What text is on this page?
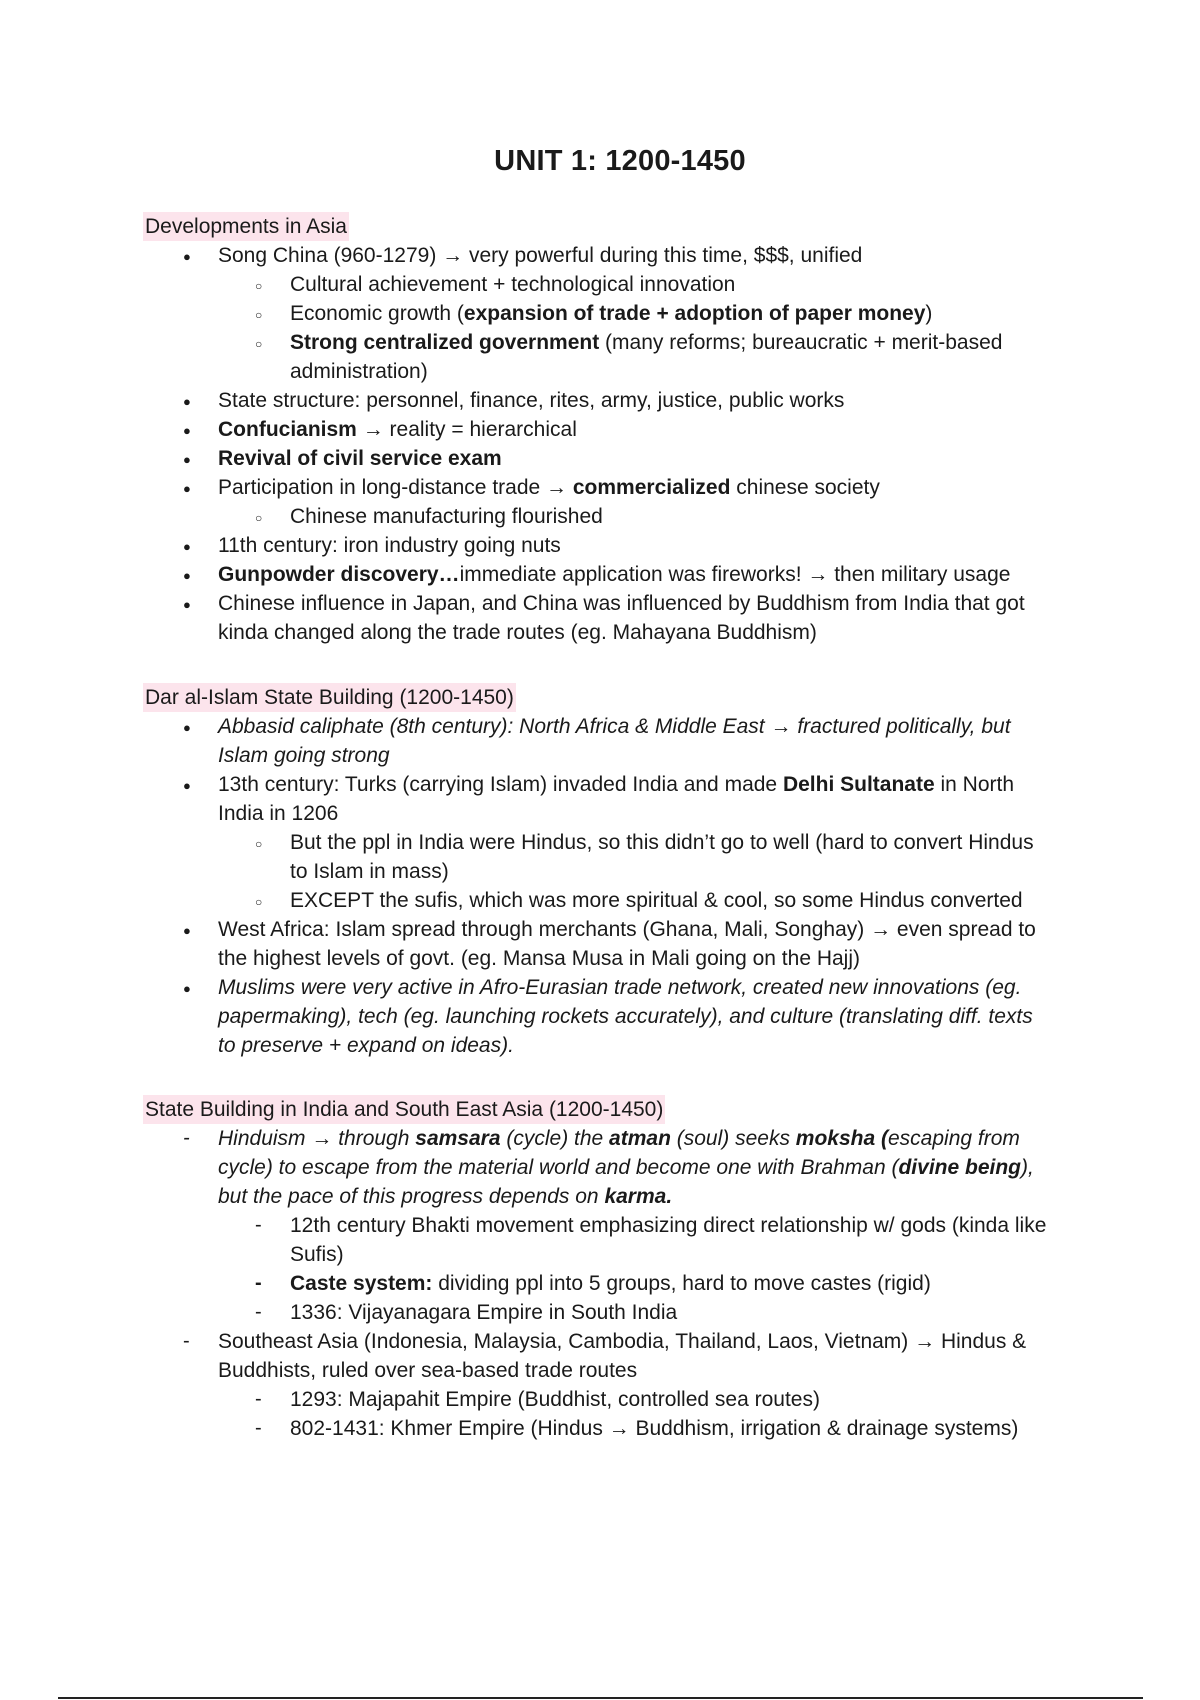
UNIT 1: 1200-1450
Developments in Asia
●
Song China (960-1279) → very powerful during this time, $$$, unified
○
Cultural achievement + technological innovation
○
Economic growth (expansion of trade + adoption of paper money)
○
Strong centralized government (many reforms; bureaucratic + merit-based
administration)
●
State structure: personnel, finance, rites, army, justice, public works
●
Confucianism → reality = hierarchical
●
Revival of civil service exam
●
Participation in long-distance trade → commercialized chinese society
○
Chinese manufacturing flourished
●
11th century: iron industry going nuts
●
Gunpowder discovery…immediate application was fireworks! → then military usage
●
Chinese influence in Japan, and China was influenced by Buddhism from India that got
kinda changed along the trade routes (eg. Mahayana Buddhism)
Dar al-Islam State Building (1200-1450)
●
Abbasid caliphate (8th century): North Africa & Middle East → fractured politically, but
Islam going strong
●
13th century: Turks (carrying Islam) invaded India and made Delhi Sultanate in North
India in 1206
○
But the ppl in India were Hindus, so this didn’t go to well (hard to convert Hindus
to Islam in mass)
○
EXCEPT the sufis, which was more spiritual & cool, so some Hindus converted
●
West Africa: Islam spread through merchants (Ghana, Mali, Songhay) → even spread to
the highest levels of govt. (eg. Mansa Musa in Mali going on the Hajj)
●
Muslims were very active in Afro-Eurasian trade network, created new innovations (eg.
papermaking), tech (eg. launching rockets accurately), and culture (translating diff. texts
to preserve + expand on ideas).
State Building in India and South East Asia (1200-1450)
-
Hinduism → through samsara (cycle) the atman (soul) seeks moksha (escaping from
cycle) to escape from the material world and become one with Brahman (divine being),
but the pace of this progress depends on karma.
-
12th century Bhakti movement emphasizing direct relationship w/ gods (kinda like
Sufis)
-
Caste system: dividing ppl into 5 groups, hard to move castes (rigid)
-
1336: Vijayanagara Empire in South India
-
Southeast Asia (Indonesia, Malaysia, Cambodia, Thailand, Laos, Vietnam) → Hindus &
Buddhists, ruled over sea-based trade routes
-
1293: Majapahit Empire (Buddhist, controlled sea routes)
-
802-1431: Khmer Empire (Hindus → Buddhism, irrigation & drainage systems)
